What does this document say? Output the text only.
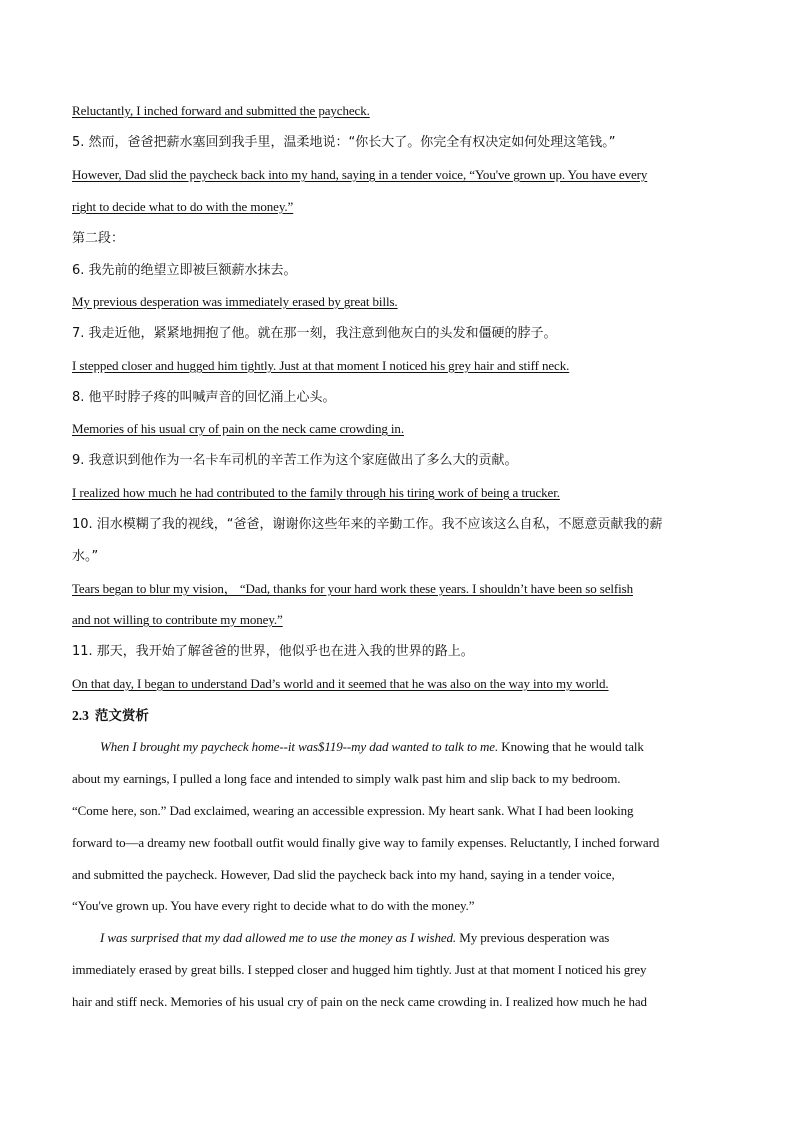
Reluctantly, I inched forward and submitted the paycheck.
5. 然而，爸爸把薪水塞回到我手里，温柔地说：“你长大了。你完全有权决定如何处理这笔钱。”
However, Dad slid the paycheck back into my hand, saying in a tender voice, “You've grown up. You have every
right to decide what to do with the money.”
第二段：
6. 我先前的绝望立即被巨额薪水抹去。
My previous desperation was immediately erased by great bills.
7. 我走近他，紧紧地拥抱了他。就在那一刻，我注意到他灰白的头发和僵硬的脖子。
I stepped closer and hugged him tightly. Just at that moment I noticed his grey hair and stiff neck.
8. 他平时脖子疼的叫喊声音的回忆涌上心头。
Memories of his usual cry of pain on the neck came crowding in.
9. 我意识到他作为一名卡车司机的辛苦工作为这个家庭做出了多么大的贡献。
I realized how much he had contributed to the family through his tiring work of being a trucker.
10. 泪水模糊了我的视线，“爸爸，谢谢你这些年来的辛勤工作。我不应该这么自私，不愿意贡献我的薪
水。”
Tears began to blur my vision， “Dad, thanks for your hard work these years. I shouldn’t have been so selfish
and not willing to contribute my money.”
11. 那天，我开始了解爸爸的世界，他似乎也在进入我的世界的路上。
On that day, I began to understand Dad’s world and it seemed that he was also on the way into my world.
2.3 范文赏析
When I brought my paycheck home--it was$119--my dad wanted to talk to me. Knowing that he would talk
about my earnings, I pulled a long face and intended to simply walk past him and slip back to my bedroom.
“Come here, son.” Dad exclaimed, wearing an accessible expression. My heart sank. What I had been looking
forward to—a dreamy new football outfit would finally give way to family expenses. Reluctantly, I inched forward
and submitted the paycheck. However, Dad slid the paycheck back into my hand, saying in a tender voice,
“You've grown up. You have every right to decide what to do with the money.”
I was surprised that my dad allowed me to use the money as I wished. My previous desperation was
immediately erased by great bills. I stepped closer and hugged him tightly. Just at that moment I noticed his grey
hair and stiff neck. Memories of his usual cry of pain on the neck came crowding in. I realized how much he had
